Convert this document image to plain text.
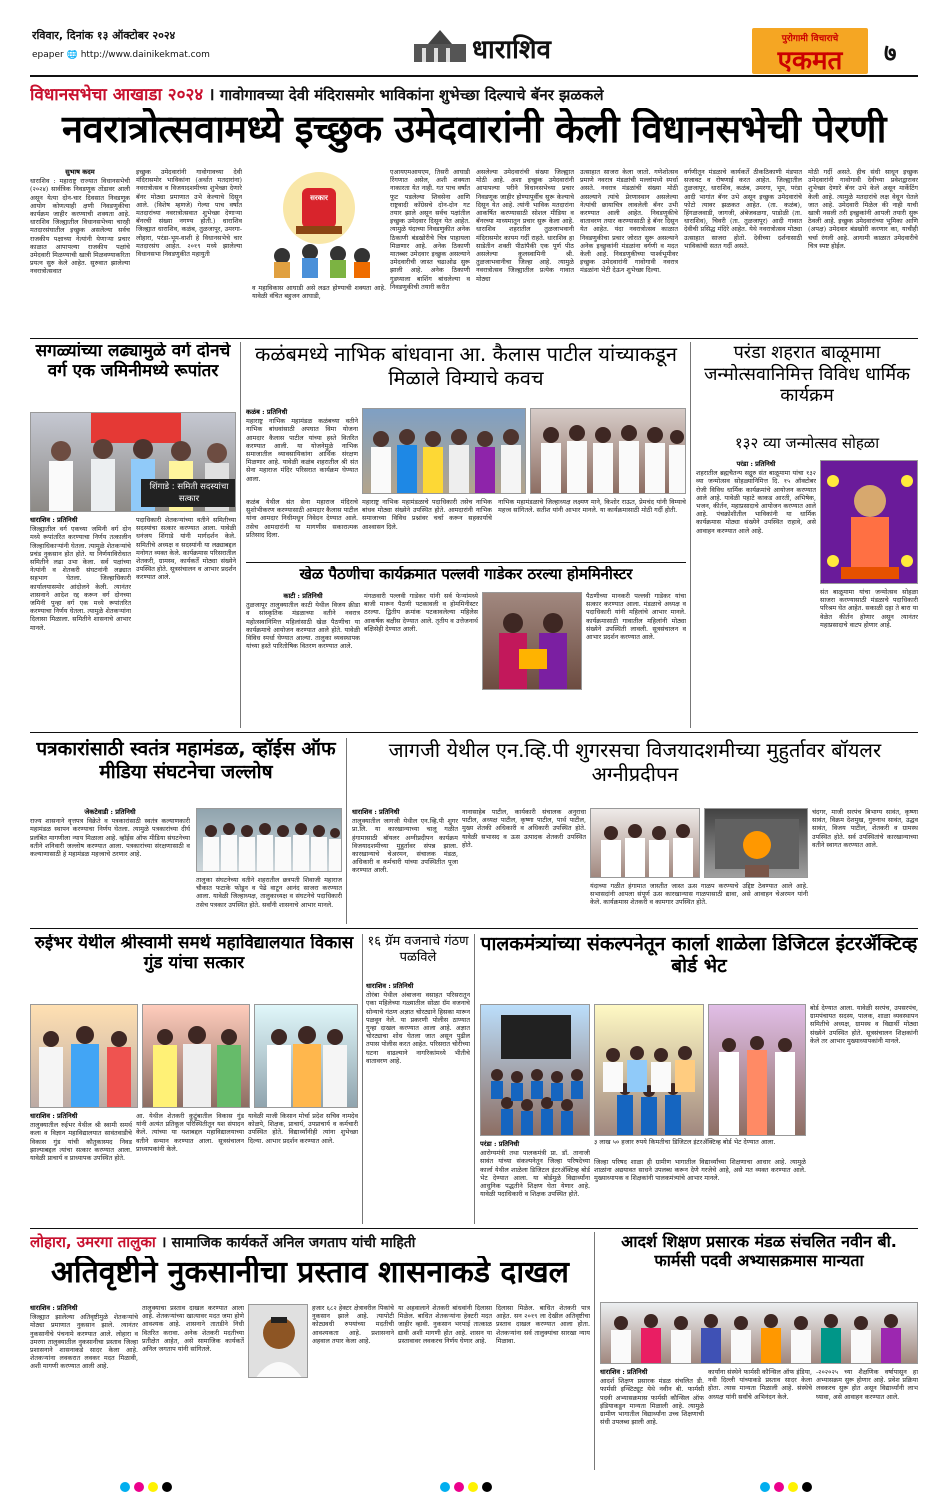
रविवार, दिनांक १३ ऑक्टोबर २०२४
epaper 🌐 http://www.dainikekmat.com	धाराशिव	पुरोगामी विचाराचे
एकमत	७
विधानसभेचा आखाडा २०२४ । गावोगावच्या देवी मंदिरासमोर भाविकांना शुभेच्छा दिल्याचे बॅनर झळकले
नवरात्रोत्सवामध्ये इच्छुक उमेदवारांनी केली विधानसभेची पेरणी
सुभाष कदम
धाराशिव : महाराष्ट्र राज्यात विधानसभेची (२०२४) सार्वत्रिक निवडणूक तोंडावर आली असून येत्या दोन-चार दिवसात निवडणूक आयोग कोणत्याही क्षणी निवडणुकीचा कार्यक्रम जाहीर करण्याची शक्यता आहे. धाराशिव जिल्ह्यातील विधानसभेच्या चारही मतदारसंघातील इच्छुक असलेल्या सर्वच राजकीय पक्षाच्या नेत्यांनी येणाऱ्या प्रचार काळात आपापल्या राजकीय पक्षांचे उमेदवारी मिळण्याची खात्री मिळवण्याकरिता प्रयत्न सुरु केले आहेत. सुरुवात झालेल्या नवरात्रोत्सवात
इच्छुक उमेदवारांनी गावोगावच्या देवी मंदिरासमोर भाविकांना (अर्थात मतदारांना) नवरात्रोत्सव व विजयादशमीच्या शुभेच्छा देणारे बॅनर मोठ्या प्रमाणात उभे केल्याचे दिसून आले. (विशेष म्हणजे) गेल्या पाच वर्षांत मतदारांच्या नवरात्रोत्सवात शुभेच्छा देणाऱ्या बॅनरची संख्या नगण्य होती.) धाराशिव जिल्ह्यात धाराशिव, कळंब, तुळजापूर, उमरगा-लोहारा, परंडा-भूम-वाशी हे विधानसभेचे चार मतदारसंघ आहेत. २०१९ मध्ये झालेल्या विधानसभा निवडणुकीत महायुती
सरकार
व महाविकास आघाडी असे लढत होण्याची शक्यता आहे. यावेळी वंचित बहुजन आघाडी,
एआयएमआयएम, तिसरी आघाडी रिंगणात असेल, अशी शक्यता नाकारता येत नाही. गत पाच वर्षांत फूट पडलेल्या शिवसेना आणि राष्ट्रवादी काँग्रेसचे दोन-दोन गट तयार झाले असून सर्वच पक्षांतील इच्छुक उमेदवार दिसून येत आहेत. त्यामुळे यंदाच्या निवडणुकीत अनेक ठिकाणी बंडखोरीचे चित्र पाहायला मिळणार आहे. अनेक ठिकाणी मातब्बर उमेदवार इच्छुक असल्याने उमेदवारीची जास्त चढाओढ सुरू झाली आहे. अनेक ठिकाणी गुडघ्याला बाशिंग बांधलेल्या व निवडणुकीची तयारी करीत
असलेल्या उमेदवारांची संख्या जिल्ह्यात मोठी आहे. अशा इच्छुक उमेदवारांनी आपापल्या परीने विधानसभेच्या प्रचार निवडणूक जाहीर होण्यापूर्वीच सुरू केल्याचे दिसून येत आहे. त्यांनी भाविक मतदारांना आकर्षित करण्यासाठी सोशल मीडिया व बॅनरच्या माध्यमातून प्रचार सुरू केला आहे. धाराशिव शहरातील तुळजाभवानी मंदिरासमोर कायम गर्दी राहते. धाराशिव हा साडेतीन शक्ती पीठांपैकी एक पूर्ण पीठ असलेल्या कुलस्वामिनी श्री. तुळजाभवानीचा जिल्हा आहे. त्यामुळे नवरात्रोत्सव जिल्ह्यातील प्रत्येक गावात मोठ्या
उत्साहात साजरा केला जातो. गणेशोत्सव प्रमाणे नवरात्र मंडळांची मल्लांमध्ये स्पर्धा असते. नवरात्र मंडळांची संख्या मोठी असल्याने त्यांचे प्रेरणास्थान असलेल्या नेत्यांची छायाचित्र लावलेली बॅनर उभी करण्यात आली आहेत. निवडणुकीचे वातावरण तयार करण्यासाठी हे बॅनर दिसून येत आहेत. यंदा नवरात्रोत्सव काळात निवडणुकीचा प्रचार जोरात सुरू असल्याने अनेक इच्छुकांनी मंडळांना वर्गणी व मदत केली आहे. निवडणुकीच्या पार्श्वभूमीवर इच्छुक उमेदवारांनी गावोगावी नवरात्र मंडळांना भेटी देऊन शुभेच्छा दिल्या.
वर्गणीतून मंडळाचे कार्यकर्ते ठीकठिकाणी मंडपात सजावट व रोषणाई करत आहेत. जिल्ह्यातील तुळजापूर, धाराशिव, कळंब, उमरगा, भूम, परंडा आदी भागांत बॅनर उभे असून इच्छुक उमेदवारांचे फोटो त्यावर झळकत आहेत. (ता. कळंब), हिंगळजवाडी, जागजी, अंबेजवळगा, पाडोळी (ता. धाराशिव), चिवरी (ता. तुळजापूर) आदी गावात देवीची प्रसिद्ध मंदिरे आहेत. येथे नवरात्रोत्सव मोठ्या उत्साहात साजरा होतो. देवीच्या दर्शनासाठी भाविकांची सतत गर्दी असते.
मोठी गर्दी असते. हीच संधी साधून इच्छुक उमेदवारांनी गावोगावी देवीच्या प्रवेशद्वारावर शुभेच्छा देणारे बॅनर उभे केले असून मार्केटिंग केली आहे. त्यामुळे मतदारांचे लक्ष वेधून घेतले जात आहे. उमेदवारी मिळेल की नाही याची खात्री नसली तरी इच्छुकांनी आपली तयारी सुरू ठेवली आहे. इच्छुक उमेदवारांच्या भूमिका आणि (अपक्ष) उमेदवार बंडखोरी करणार का, याचीही चर्चा रंगली आहे. आगामी काळात उमेदवारीचे चित्र स्पष्ट होईल.
सगळ्यांच्या लढ्यामुळे वर्ग दोनचे वर्ग एक जमिनीमध्ये रूपांतर
शिंगाडे : समिती सदस्यांचा सत्कार
धाराशिव : प्रतिनिधी
जिल्ह्यातील वर्ग एकच्या जमिनी वर्ग दोन मध्ये रूपांतरित करण्याचा निर्णय तत्कालीन जिल्हाधिकाऱ्यांनी घेतला. त्यामुळे शेतकऱ्यांचे प्रचंड नुकसान होत होते. या निर्णयाविरोधात समितीने लढा उभा केला. सर्व पक्षांच्या नेत्यांनी व शेतकरी संघटनांनी लढ्यात सहभाग घेतला. जिल्हाधिकारी कार्यालयासमोर आंदोलने केली. त्यानंतर शासनाने आदेश रद्द करून वर्ग दोनच्या जमिनी पुन्हा वर्ग एक मध्ये रूपांतरित करण्याचा निर्णय घेतला. त्यामुळे शेतकऱ्यांना दिलासा मिळाला. समितीने शासनाचे आभार मानले.
पदाधिकारी शेतकऱ्यांच्या वतीने समितीच्या सदस्यांचा सत्कार करण्यात आला. यावेळी धनंजय शिंगाडे यांनी मार्गदर्शन केले. समितीचे अध्यक्ष व सदस्यांनी या लढ्याबद्दल मनोगत व्यक्त केले. कार्यक्रमास परिसरातील शेतकरी, ग्रामस्थ, कार्यकर्ते मोठ्या संख्येने उपस्थित होते. सूत्रसंचालन व आभार प्रदर्शन करण्यात आले.
कळंबमध्ये नाभिक बांधवाना आ. कैलास पाटील यांच्याकडून मिळाले विम्याचे कवच
कळंब : प्रतिनिधी
महाराष्ट्र नाभिक महामंडळ कळंबच्या वतीने नाभिक बांधवांसाठी अपघात विमा योजना आमदार कैलास पाटील यांच्या हस्ते वितरित करण्यात आली. या योजनेमुळे नाभिक समाजातील व्यावसायिकांना आर्थिक संरक्षण मिळणार आहे. यावेळी कळंब शहरातील श्री संत सेना महाराज मंदिर परिसरात कार्यक्रम घेण्यात आला.
कळंब येथील संत सेना महाराज मंदिराचे सुशोभीकरण करण्यासाठी आमदार कैलास पाटील यांना आमदार निधीमधून निवेदन देण्यात आले. तसेच आमदारांनी या मागणीस सकारात्मक प्रतिसाद दिला.
महाराष्ट्र नाभिक महामंडळाचे पदाधिकारी तसेच नाभिक बांधव मोठ्या संख्येने उपस्थित होते. आमदारांनी नाभिक समाजाच्या विविध प्रश्नांवर चर्चा करून सहकार्याचे आश्वासन दिले.
नाभिक महामंडळाचे जिल्हाध्यक्ष लक्ष्मण माने, किशोर राऊत, प्रेमचंद यांनी विम्याचे महत्त्व सांगितले. सतीश यांनी आभार मानले. या कार्यक्रमासाठी मोठी गर्दी होती.
खेळ पैठणीचा कार्यक्रमात पल्लवी गाडेकर ठरल्या होममिनीस्टर
काटी : प्रतिनिधी
तुळजापूर तालुक्यातील काटी येथील विजय क्रीडा व सांस्कृतिक मंडळाच्या वतीने नवरात्र महोत्सवानिमित्त महिलांसाठी खेळ पैठणीचा या कार्यक्रमाचे आयोजन करण्यात आले होते. यावेळी विविध स्पर्धा घेण्यात आल्या. तालुका व्यवस्थापक यांच्या हस्ते पारितोषिक वितरण करण्यात आले.
मंगळवारी पल्लवी गाडेकर यांनी सर्व फेऱ्यांमध्ये बाजी मारून पैठणी पटकावली व होममिनीस्टर ठरल्या. द्वितीय क्रमांक पटकावलेल्या महिलेस आकर्षक बक्षीस देण्यात आले. तृतीय व उत्तेजनार्थ बक्षिसेही देण्यात आली.
पैठणीच्या मानकरी पल्लवी गाडेकर यांचा सत्कार करण्यात आला. मंडळाचे अध्यक्ष व पदाधिकारी यांनी महिलांचे आभार मानले. कार्यक्रमासाठी गावातील महिलांनी मोठ्या संख्येने उपस्थिती लावली. सूत्रसंचालन व आभार प्रदर्शन करण्यात आले.
परंडा शहरात बाळूमामा जन्मोत्सवानिमित्त विविध धार्मिक कार्यक्रम
१३२ व्या जन्मोत्सव सोहळा
परंडा : प्रतिनिधी
शहरातील ब्रह्मचैतन्य सद्गुरु संत बाळूमामा यांचा १३२ व्या जन्मोत्सव सोहळ्यानिमित्त दि. १५ ऑक्टोबर रोजी विविध धार्मिक कार्यक्रमांचे आयोजन करण्यात आले आहे. यावेळी पहाटे काकड आरती, अभिषेक, भजन, कीर्तन, महाप्रसादाचे आयोजन करण्यात आले आहे. पंचक्रोशीतील भाविकांनी या धार्मिक कार्यक्रमास मोठ्या संख्येने उपस्थित राहावे, असे आवाहन करण्यात आले आहे.
संत बाळूमामा यांचा जन्मोत्सव सोहळा साजरा करण्यासाठी मंडळाचे पदाधिकारी परिश्रम घेत आहेत. सकाळी दहा ते बारा या वेळेत कीर्तन होणार असून त्यानंतर महाप्रसादाचे वाटप होणार आहे.
पत्रकारांसाठी स्वतंत्र महामंडळ, व्हॉईस ऑफ मीडिया संघटनेचा जल्लोष
जेकटेवाडी : प्रतिनिधी
राज्य शासनाने वृत्तपत्र विक्रेते व पत्रकारांसाठी स्वतंत्र कल्याणकारी महामंडळ स्थापन करण्याचा निर्णय घेतला. त्यामुळे पत्रकारांच्या दीर्घ प्रलंबित मागणीला न्याय मिळाला आहे. व्हॉईस ऑफ मीडिया संघटनेच्या वतीने शनिवारी जल्लोष करण्यात आला. पत्रकारांच्या संरक्षणासाठी व कल्याणासाठी हे महामंडळ महत्त्वाचे ठरणार आहे.
तालुका संघटनेच्या वतीने शहरातील छत्रपती शिवाजी महाराज चौकात फटाके फोडून व पेढे वाटून आनंद साजरा करण्यात आला. यावेळी जिल्हाध्यक्ष, तालुकाध्यक्ष व संघटनेचे पदाधिकारी तसेच पत्रकार उपस्थित होते. सर्वांनी शासनाचे आभार मानले.
जागजी येथील एन.व्हि.पी शुगरसचा विजयादशमीच्या मुहुर्तावर बॉयलर अग्नीप्रदीपन
धाराशिव : प्रतिनिधी
तालुक्यातील जागजी येथील एन.व्हि.पी शुगर प्रा.लि. या कारखान्याच्या चालू गळीत हंगामासाठी बॉयलर अग्नीप्रदीपन कार्यक्रम विजयादशमीच्या मुहुर्तावर संपन्न झाला. कारखान्याचे चेअरमन, संचालक मंडळ, अधिकारी व कर्मचारी यांच्या उपस्थितीत पूजा करण्यात आली.
नानासाहेब पाटील, कार्यकारी संचालक अनुराधा पाटील, अध्यक्ष पाटील, कृष्णा पाटील, पार्थ पाटील, मुख्य शेतकी अधिकारी व अधिकारी उपस्थित होते. यावेळी सभासद व ऊस उत्पादक शेतकरी उपस्थित होते.
यंदाच्या गळीत हंगामात जास्तीत जास्त ऊस गाळप करण्याचे उद्दिष्ट ठेवण्यात आले आहे. सभासदांनी आपला संपूर्ण ऊस कारखान्यास गाळपासाठी द्यावा, असे आवाहन चेअरमन यांनी केले. कार्यक्रमास शेतकरी व कामगार उपस्थित होते.
चंदगर, माजी सरपंच बिभाग्य सावंत, कृष्णा सावंत, विक्रम देशमुख, गुरुनाथ सावंत, उद्धव सावंत, विजय पाटील, शेतकरी व ग्रामस्थ उपस्थित होते. सर्व उपस्थितांचे कारखान्याच्या वतीने स्वागत करण्यात आले.
रुईभर येथील श्रीस्वामी समर्थ महाविद्यालयात विकास गुंड यांचा सत्कार
धाराशिव : प्रतिनिधी
तालुक्यातील रुईभर येथील श्री स्वामी समर्थ कला व विज्ञान महाविद्यालयात सावंतवाडीचे विकास गुंड यांची कौतुकास्पद निवड झाल्याबद्दल त्यांचा सत्कार करण्यात आला. यावेळी प्राचार्य व प्राध्यापक उपस्थित होते.
आ. येथील शेतकरी कुटुंबातील विकास गुंड यांनी अत्यंत प्रतिकूल परिस्थितीतून यश संपादन केले. त्यांच्या या यशाबद्दल महाविद्यालयाच्या वतीने सन्मान करण्यात आला. सूत्रसंचालन प्राध्यापकांनी केले.
यावेळी माजी किसान मोर्चा प्रदेश सचिव नामदेव कोळपे, शिक्षक, प्राचार्य, उपप्राचार्य व कर्मचारी उपस्थित होते. विद्यार्थ्यांनीही त्यांना शुभेच्छा दिल्या. आभार प्रदर्शन करण्यात आले.
१६ ग्रॅम वजनाचे गंठण पळविले
धाराशिव : प्रतिनिधी
तोरंबा येथील अंबाजना वसाहत परिसरातून एका महिलेच्या गळ्यातील सोळा ग्रॅम वजनाचे सोन्याचे गंठण अज्ञात चोरट्याने हिसका मारून पळवून नेले. या प्रकरणी पोलीस ठाण्यात गुन्हा दाखल करण्यात आला आहे. अज्ञात चोरट्याचा शोध घेतला जात असून पुढील तपास पोलीस करत आहेत. परिसरात चोरीच्या घटना वाढल्याने नागरिकांमध्ये भीतीचे वातावरण आहे.
पालकमंत्र्यांच्या संकल्पनेतून कार्ला शाळेला डिजिटल इंटरॲक्टिव्ह बोर्ड भेट
बोर्ड देण्यात आला. यावेळी सरपंच, उपसरपंच, ग्रामपंचायत सदस्य, पालक, शाळा व्यवस्थापन समितीचे अध्यक्ष, ग्रामस्थ व विद्यार्थी मोठ्या संख्येने उपस्थित होते. सूत्रसंचालन शिक्षकांनी केले तर आभार मुख्याध्यापकांनी मानले.
३ लाख ५० हजार रुपये किमतीचा डिजिटल इंटरॲक्टिव्ह बोर्ड भेट देण्यात आला.
परंडा : प्रतिनिधी
आरोग्यमंत्री तथा पालकमंत्री प्रा. डॉ. तानाजी सावंत यांच्या संकल्पनेतून जिल्हा परिषदेच्या कार्ला येथील शाळेला डिजिटल इंटरॲक्टिव्ह बोर्ड भेट देण्यात आला. या बोर्डमुळे विद्यार्थ्यांना आधुनिक पद्धतीने शिक्षण घेता येणार आहे. यावेळी पदाधिकारी व शिक्षक उपस्थित होते.
जिल्हा परिषद शाळा ही ग्रामीण भागातील विद्यार्थ्यांच्या शिक्षणाचा आधार आहे. त्यामुळे शाळांना अद्ययावत साधने उपलब्ध करून देणे गरजेचे आहे, असे मत व्यक्त करण्यात आले. मुख्याध्यापक व शिक्षकांनी पालकमंत्र्यांचे आभार मानले.
लोहारा, उमरगा तालुका । सामाजिक कार्यकर्ते अनिल जगताप यांची माहिती
अतिवृष्टीने नुकसानीचा प्रस्ताव शासनाकडे दाखल
धाराशिव : प्रतिनिधी
जिल्ह्यात झालेल्या अतिवृष्टीमुळे शेतकऱ्यांचे मोठ्या प्रमाणात नुकसान झाले. त्यानंतर नुकसानीचे पंचनामे करण्यात आले. लोहारा व उमरगा तालुक्यातील नुकसानीचा प्रस्ताव जिल्हा प्रशासनाने शासनाकडे सादर केला आहे. शेतकऱ्यांना लवकरात लवकर मदत मिळावी, अशी मागणी करण्यात आली आहे.
तालुक्याचा प्रस्ताव दाखल करण्यात आला आहे. शेतकऱ्यांच्या खात्यावर मदत जमा होणे आवश्यक आहे. शासनाने तातडीने निधी वितरित करावा. अनेक शेतकरी मदतीच्या प्रतीक्षेत आहेत, असे सामाजिक कार्यकर्ते अनिल जगताप यांनी सांगितले.
हजार ६८२ हेक्टर क्षेत्रावरील पिकांचे नुकसान झाले आहे. त्यापोटी कोट्यवधी रुपयांच्या मदतीची आवश्यकता आहे. प्रशासनाने अहवाल तयार केला आहे.
या अहवालाने शेतकरी बांधवांनी दिलासा मिळेल. बाधित शेतकऱ्यांना हेक्टरी मदत जाहीर व्हावी. नुकसान भरपाई तात्काळ द्यावी अशी मागणी होत आहे. शासन या प्रस्तावावर लवकरच निर्णय घेणार आहे.
दिलासा मिळेल. बाधित शेतकरी पात्र आहेत. सन २०१९ ला देखील अतिवृष्टीचा प्रस्ताव दाखल करण्यात आला होता. शेतकऱ्यांना सर्व तालुक्यांचा सारखा न्याय मिळावा.
आदर्श शिक्षण प्रसारक मंडळ संचलित नवीन बी. फार्मसी पदवी अभ्यासक्रमास मान्यता
धाराशिव : प्रतिनिधी
आदर्श शिक्षण प्रसारक मंडळ संचलित डी. फार्मसी इन्स्टिट्यूट येथे नवीन बी. फार्मसी पदवी अभ्यासक्रमास फार्मसी कौन्सिल ऑफ इंडियाकडून मान्यता मिळाली आहे. त्यामुळे ग्रामीण भागातील विद्यार्थ्यांना उच्च शिक्षणाची संधी उपलब्ध झाली आहे.
कार्यांना संस्थेने फार्मसी कौन्सिल ऑफ इंडिया, नवी दिल्ली यांच्याकडे प्रस्ताव सादर केला होता. त्यास मान्यता मिळाली आहे. संस्थेचे अध्यक्ष यांनी सर्वांचे अभिनंदन केले.
-२०२०२५ च्या शैक्षणिक वर्षापासून हा अभ्यासक्रम सुरू होणार आहे. प्रवेश प्रक्रिया लवकरच सुरू होत असून विद्यार्थ्यांनी लाभ घ्यावा, असे आवाहन करण्यात आले.
